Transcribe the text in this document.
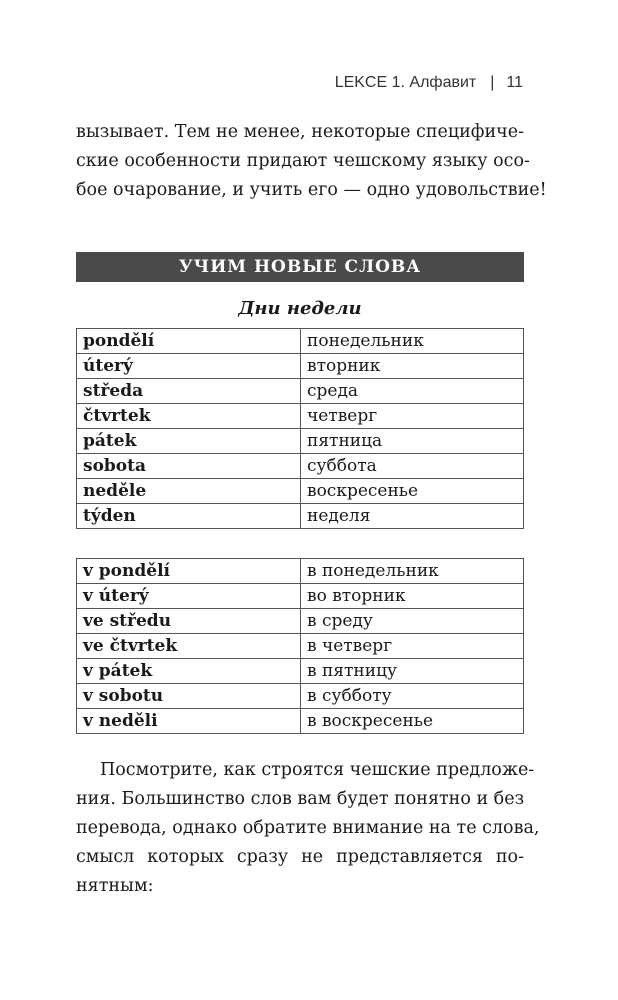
LEKCE 1. Алфавит | 11
вызывает. Тем не менее, некоторые специфиче-
ские особенности придают чешскому языку осо-
бое очарование, и учить его — одно удовольствие!
УЧИМ НОВЫЕ СЛОВА
Дни недели
pondělí	понедельник
úterý	вторник
středa	среда
čtvrtek	четверг
pátek	пятница
sobota	суббота
neděle	воскресенье
týden	неделя
v pondělí	в понедельник
v úterý	во вторник
ve středu	в среду
ve čtvrtek	в четверг
v pátek	в пятницу
v sobotu	в субботу
v neděli	в воскресенье
Посмотрите, как строятся чешские предложе-
ния. Большинство слов вам будет понятно и без
перевода, однако обратите внимание на те слова,
смысл которых сразу не представляется по-
нятным:
